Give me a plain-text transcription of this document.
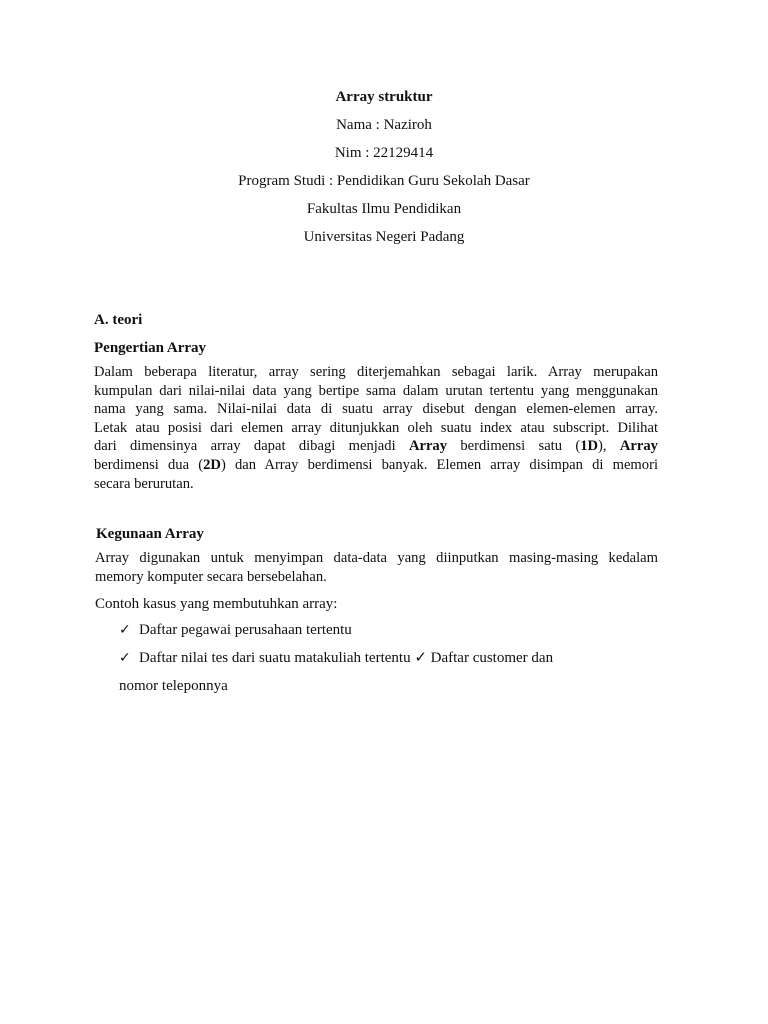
Array struktur
Nama : Naziroh
Nim : 22129414
Program Studi : Pendidikan Guru Sekolah Dasar
Fakultas Ilmu Pendidikan
Universitas Negeri Padang
A. teori
Pengertian Array
Dalam beberapa literatur, array sering diterjemahkan sebagai larik. Array merupakan
kumpulan dari nilai-nilai data yang bertipe sama dalam urutan tertentu yang menggunakan
nama yang sama. Nilai-nilai data di suatu array disebut dengan elemen-elemen array.
Letak atau posisi dari elemen array ditunjukkan oleh suatu index atau subscript. Dilihat
dari dimensinya array dapat dibagi menjadi Array berdimensi satu (1D), Array
berdimensi dua (2D) dan Array berdimensi banyak. Elemen array disimpan di memori
secara berurutan.
Kegunaan Array
Array digunakan untuk menyimpan data-data yang diinputkan masing-masing kedalam
memory komputer secara bersebelahan.
Contoh kasus yang membutuhkan array:
✓ Daftar pegawai perusahaan tertentu
✓ Daftar nilai tes dari suatu matakuliah tertentu ✓ Daftar customer dan
nomor teleponnya
